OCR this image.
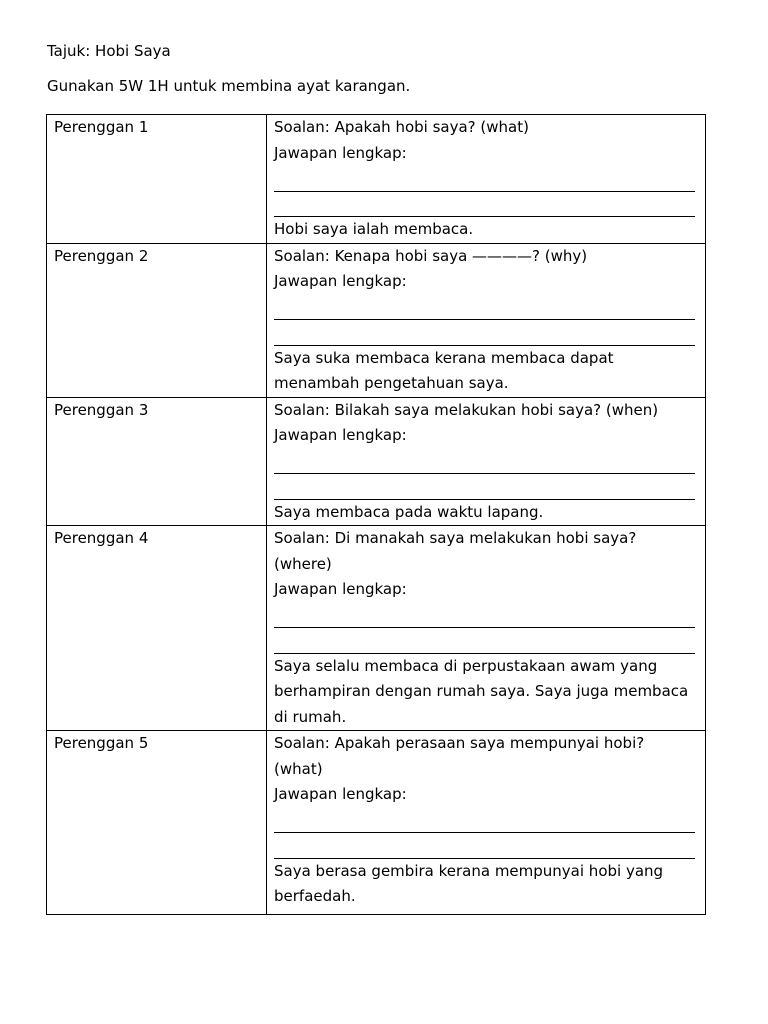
Tajuk: Hobi Saya
Gunakan 5W 1H untuk membina ayat karangan.
Perenggan 1	Soalan: Apakah hobi saya? (what)
Jawapan lengkap:
Hobi saya ialah membaca.

Perenggan 2	Soalan: Kenapa hobi saya ————? (why)
Jawapan lengkap:
Saya suka membaca kerana membaca dapat menambah pengetahuan saya.

Perenggan 3	Soalan: Bilakah saya melakukan hobi saya? (when)
Jawapan lengkap:
Saya membaca pada waktu lapang.

Perenggan 4	Soalan: Di manakah saya melakukan hobi saya? (where)
Jawapan lengkap:
Saya selalu membaca di perpustakaan awam yang berhampiran dengan rumah saya. Saya juga membaca di rumah.

Perenggan 5	Soalan: Apakah perasaan saya mempunyai hobi? (what)
Jawapan lengkap:
Saya berasa gembira kerana mempunyai hobi yang berfaedah.
